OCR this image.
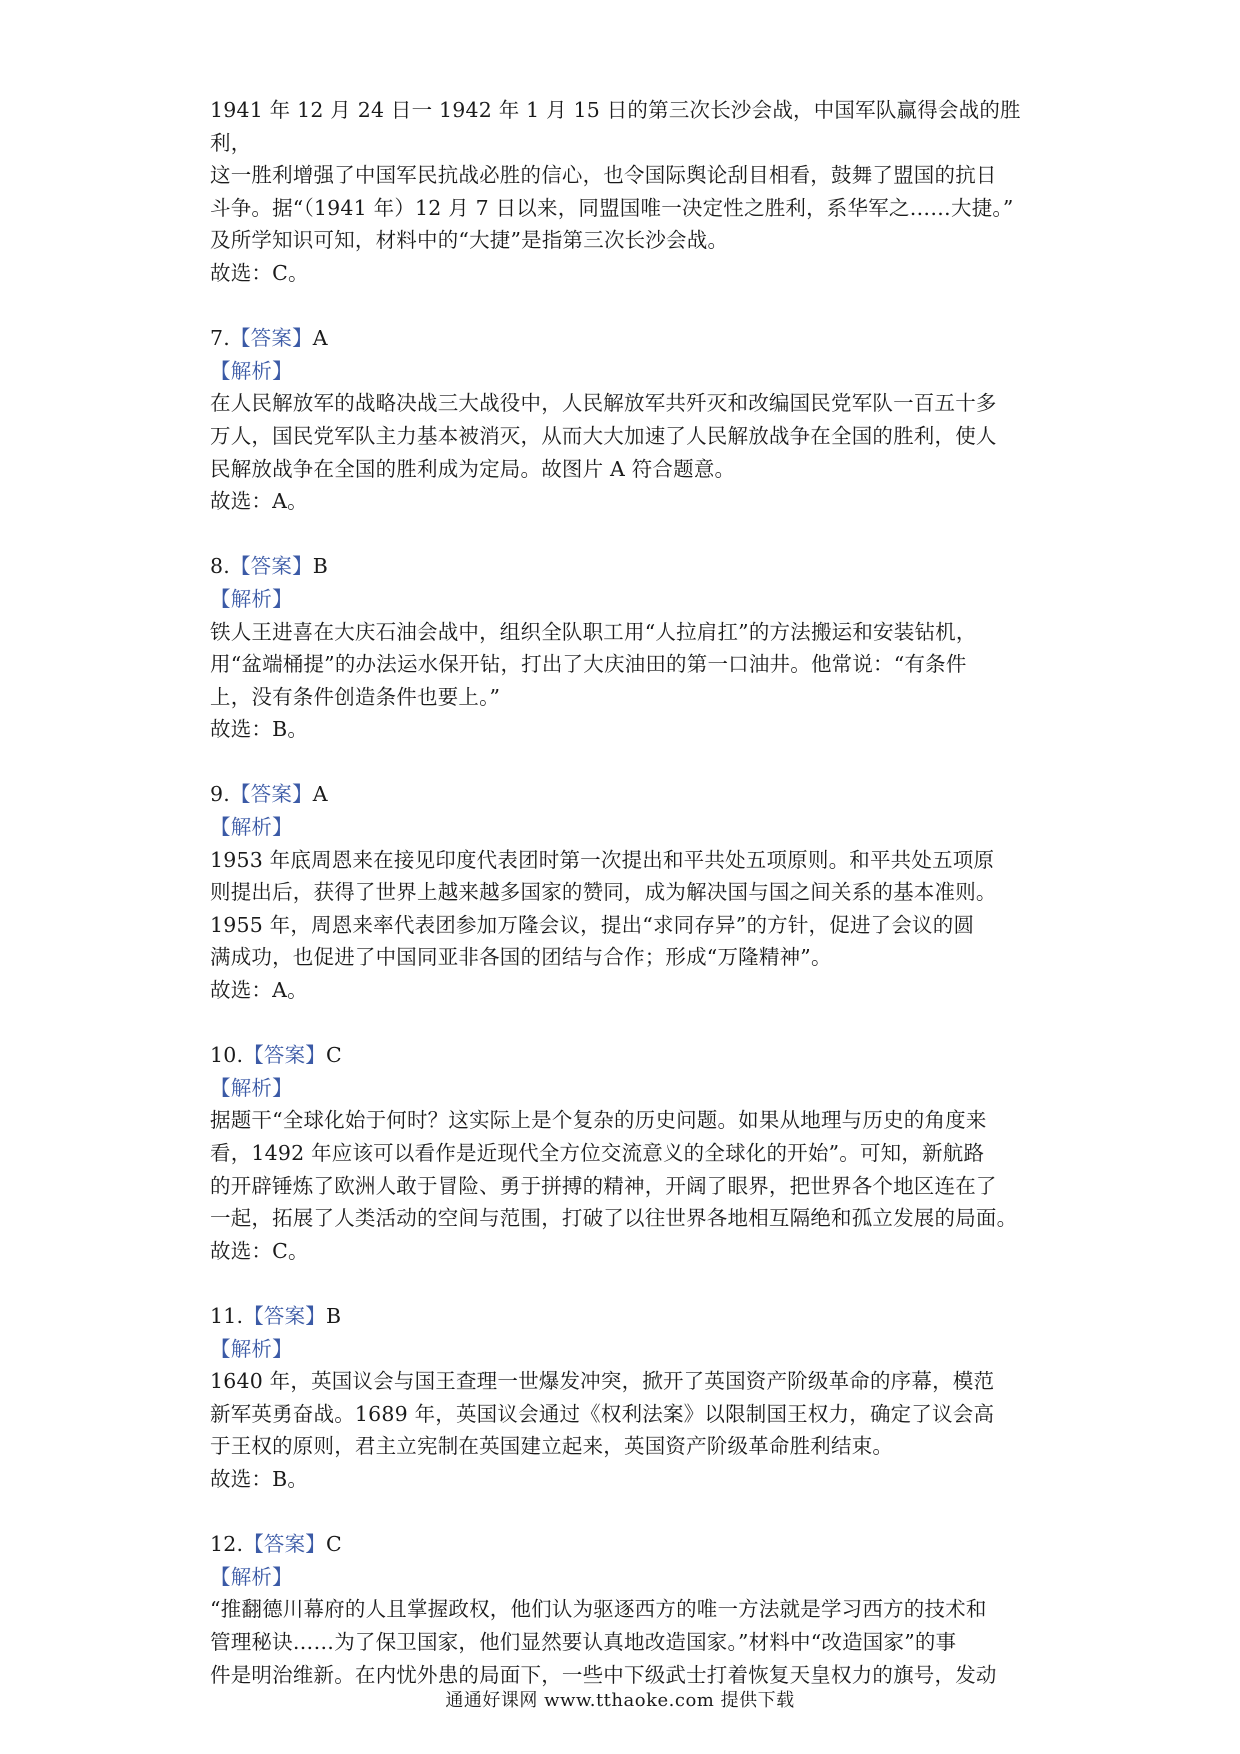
1941 年 12 月 24 日一 1942 年 1 月 15 日的第三次长沙会战，中国军队赢得会战的胜利，

这一胜利增强了中国军民抗战必胜的信心，也令国际舆论刮目相看，鼓舞了盟国的抗日

斗争。据“（1941 年）12 月 7 日以来，同盟国唯一决定性之胜利，系华军之……大捷。”

及所学知识可知，材料中的“大捷”是指第三次长沙会战。

故选：C。

7.【答案】A

【解析】

在人民解放军的战略决战三大战役中，人民解放军共歼灭和改编国民党军队一百五十多

万人，国民党军队主力基本被消灭，从而大大加速了人民解放战争在全国的胜利，使人

民解放战争在全国的胜利成为定局。故图片 A 符合题意。

故选：A。

8.【答案】B

【解析】

铁人王进喜在大庆石油会战中，组织全队职工用“人拉肩扛”的方法搬运和安装钻机，

用“盆端桶提”的办法运水保开钻，打出了大庆油田的第一口油井。他常说：“有条件

上，没有条件创造条件也要上。”

故选：B。

9.【答案】A

【解析】

1953 年底周恩来在接见印度代表团时第一次提出和平共处五项原则。和平共处五项原

则提出后，获得了世界上越来越多国家的赞同，成为解决国与国之间关系的基本准则。

1955 年，周恩来率代表团参加万隆会议，提出“求同存异”的方针，促进了会议的圆

满成功，也促进了中国同亚非各国的团结与合作；形成“万隆精神”。

故选：A。

10.【答案】C

【解析】

据题干“全球化始于何时？这实际上是个复杂的历史问题。如果从地理与历史的角度来

看，1492 年应该可以看作是近现代全方位交流意义的全球化的开始”。可知，新航路

的开辟锤炼了欧洲人敢于冒险、勇于拼搏的精神，开阔了眼界，把世界各个地区连在了

一起，拓展了人类活动的空间与范围，打破了以往世界各地相互隔绝和孤立发展的局面。

故选：C。

11.【答案】B

【解析】

1640 年，英国议会与国王查理一世爆发冲突，掀开了英国资产阶级革命的序幕，模范

新军英勇奋战。1689 年，英国议会通过《权利法案》以限制国王权力，确定了议会高

于王权的原则，君主立宪制在英国建立起来，英国资产阶级革命胜利结束。

故选：B。

12.【答案】C

【解析】

“推翻德川幕府的人且掌握政权，他们认为驱逐西方的唯一方法就是学习西方的技术和

管理秘诀……为了保卫国家，他们显然要认真地改造国家。”材料中“改造国家”的事

件是明治维新。在内忧外患的局面下，一些中下级武士打着恢复天皇权力的旗号，发动

通通好课网 www.tthaoke.com 提供下载
